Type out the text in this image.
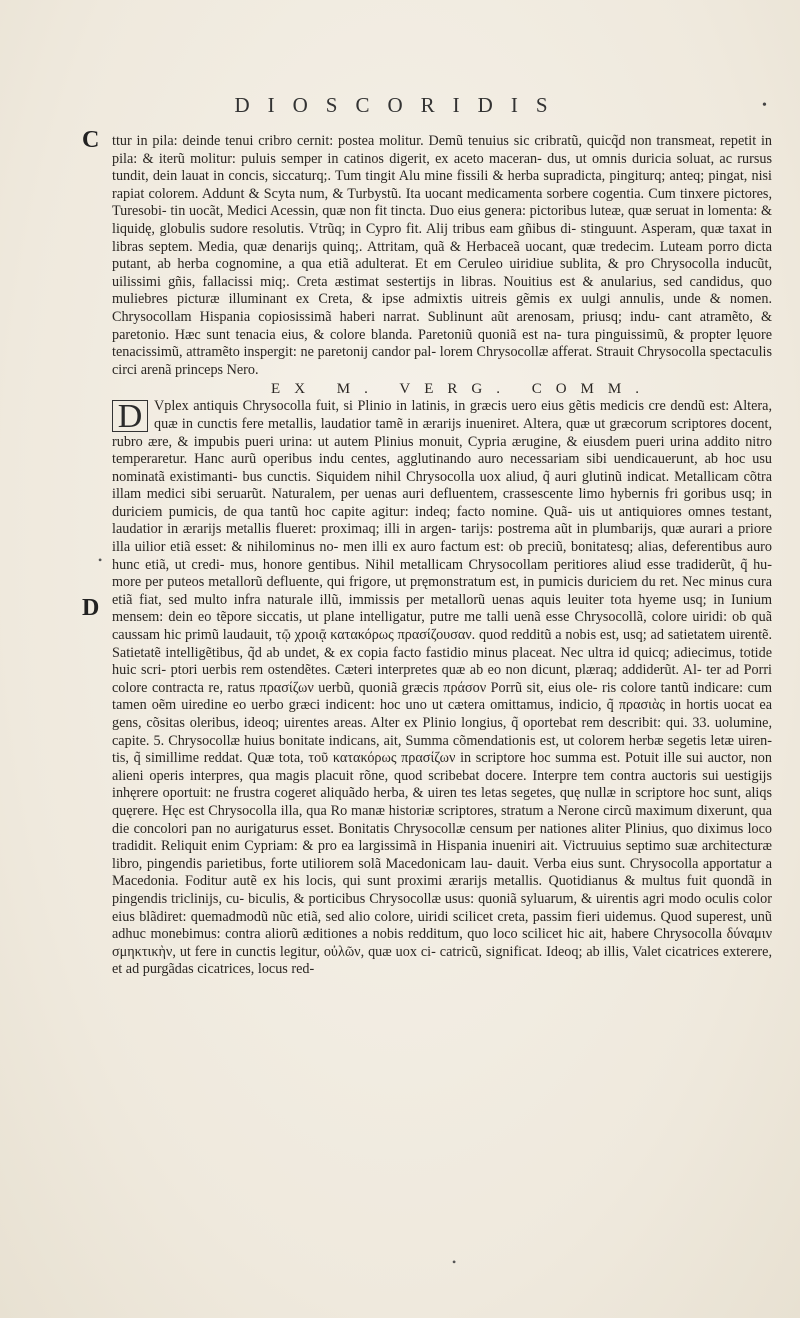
DIOSCORIDIS	•
C
•
D

ttur in pila: deinde tenui cribro cernit: postea molitur. Demũ tenuius sic cribratũ, quicq̃d non transmeat, repetit in pila: & iterũ molitur: puluis semper in catinos digerit, ex aceto maceran- dus, ut omnis duricia soluat, ac rursus tundit, dein lauat in concis, siccaturq;. Tum tingit Alu mine fissili & herba supradicta, pingiturq; anteq; pingat, nisi rapiat colorem. Addunt & Scyta num, & Turbystũ. Ita uocant medicamenta sorbere cogentia. Cum tinxere pictores, Turesobi- tin uocãt, Medici Acessin, quæ non fit tincta. Duo eius genera: pictoribus luteæ, quæ seruat in lomenta: & liquidę, globulis sudore resolutis. Vtrũq; in Cypro fit. Alij tribus eam gñibus di- stinguunt. Asperam, quæ taxat in libras septem. Media, quæ denarijs quinq;. Attritam, quã & Herbaceã uocant, quæ tredecim. Luteam porro dicta putant, ab herba cognomine, a qua etiã adulterat. Et em Ceruleo uiridiue sublita, & pro Chrysocolla inducũt, uilissimi gñis, fallacissi miq;. Creta æstimat sestertijs in libras. Nouitius est & anularius, sed candidus, quo muliebres picturæ illuminant ex Creta, & ipse admixtis uitreis gẽmis ex uulgi annulis, unde & nomen. Chrysocollam Hispania copiosissimã haberi narrat. Sublinunt aũt arenosam, priusq; indu- cant atramẽto, & paretonio. Hæc sunt tenacia eius, & colore blanda. Paretoniũ quoniã est na- tura pinguissimũ, & propter lęuore tenacissimũ, attramẽto inspergit: ne paretonij candor pal- lorem Chrysocollæ afferat. Strauit Chrysocolla spectaculis circi arenã princeps Nero.

EX M. VERG. COMM.

D Vplex antiquis Chrysocolla fuit, si Plinio in latinis, in græcis uero eius gẽtis medicis cre dendũ est: Altera, quæ in cunctis fere metallis, laudatior tamẽ in ærarijs inueniret. Altera, quæ ut græcorum scriptores docent, rubro ære, & impubis pueri urina: ut autem Plinius monuit, Cypria ærugine, & eiusdem pueri urina addito nitro temperaretur. Hanc aurũ operibus indu centes, agglutinando auro necessariam sibi uendicauerunt, ab hoc usu nominatã existimanti- bus cunctis. Siquidem nihil Chrysocolla uox aliud, q̃ auri glutinũ indicat. Metallicam cõtra illam medici sibi seruarũt. Naturalem, per uenas auri defluentem, crassescente limo hybernis fri goribus usq; in duriciem pumicis, de qua tantũ hoc capite agitur: indeq; facto nomine. Quã- uis ut antiquiores omnes testant, laudatior in ærarijs metallis flueret: proximaq; illi in argen- tarijs: postrema aũt in plumbarijs, quæ aurari a priore illa uilior etiã esset: & nihilominus no- men illi ex auro factum est: ob preciũ, bonitatesq; alias, deferentibus auro hunc etiã, ut credi- mus, honore gentibus. Nihil metallicam Chrysocollam peritiores aliud esse tradiderũt, q̃ hu- more per puteos metallorũ defluente, qui frigore, ut pręmonstratum est, in pumicis duriciem du ret. Nec minus cura etiã fiat, sed multo infra naturale illũ, immissis per metallorũ uenas aquis leuiter tota hyeme usq; in Iunium mensem: dein eo tẽpore siccatis, ut plane intelligatur, putre me talli uenã esse Chrysocollã, colore uiridi: ob quã caussam hic primũ laudauit, τῷ χροιᾷ κατακόρως πρασίζουσαν. quod redditũ a nobis est, usq; ad satietatem uirentẽ. Satietatẽ intelligẽtibus, q̃d ab undet, & ex copia facto fastidio minus placeat. Nec ultra id quicq; adiecimus, totide huic scri- ptori uerbis rem ostendẽtes. Cæteri interpretes quæ ab eo non dicunt, plæraq; addiderũt. Al- ter ad Porri colore contracta re, ratus πρασίζων uerbũ, quoniã græcis πράσον Porrũ sit, eius ole- ris colore tantũ indicare: cum tamen oẽm uiredine eo uerbo græci indicent: hoc uno ut cætera omittamus, indicio, q̃ πρασιὰς in hortis uocat ea gens, cõsitas oleribus, ideoq; uirentes areas. Alter ex Plinio longius, q̃ oportebat rem describit: qui. 33. uolumine, capite. 5. Chrysocollæ huius bonitate indicans, ait, Summa cõmendationis est, ut colorem herbæ segetis letæ uiren- tis, q̃ simillime reddat. Quæ tota, τοῦ κατακόρως πρασίζων in scriptore hoc summa est. Potuit ille sui auctor, non alieni operis interpres, qua magis placuit rõne, quod scribebat docere. Interpre tem contra auctoris sui uestigijs inhęrere oportuit: ne frustra cogeret aliquãdo herba, & uiren tes letas segetes, quę nullæ in scriptore hoc sunt, aliqs quęrere. Hęc est Chrysocolla illa, qua Ro manæ historiæ scriptores, stratum a Nerone circũ maximum dixerunt, qua die concolori pan no aurigaturus esset. Bonitatis Chrysocollæ censum per nationes aliter Plinius, quo diximus loco tradidit. Reliquit enim Cypriam: & pro ea largissimã in Hispania inueniri ait. Victruuius septimo suæ architecturæ libro, pingendis parietibus, forte utiliorem solã Macedonicam lau- dauit. Verba eius sunt. Chrysocolla apportatur a Macedonia. Foditur autẽ ex his locis, qui sunt proximi ærarijs metallis. Quotidianus & multus fuit quondã in pingendis triclinijs, cu- biculis, & porticibus Chrysocollæ usus: quoniã syluarum, & uirentis agri modo oculis color eius blãdiret: quemadmodũ nũc etiã, sed alio colore, uiridi scilicet creta, passim fieri uidemus. Quod superest, unũ adhuc monebimus: contra aliorũ æditiones a nobis redditum, quo loco scilicet hic ait, habere Chrysocolla δύναμιν σμηκτικὴν, ut fere in cunctis legitur, οὐλῶν, quæ uox ci- catricũ, significat. Ideoq; ab illis, Valet cicatrices exterere, et ad purgãdas cicatrices, locus red-

•
